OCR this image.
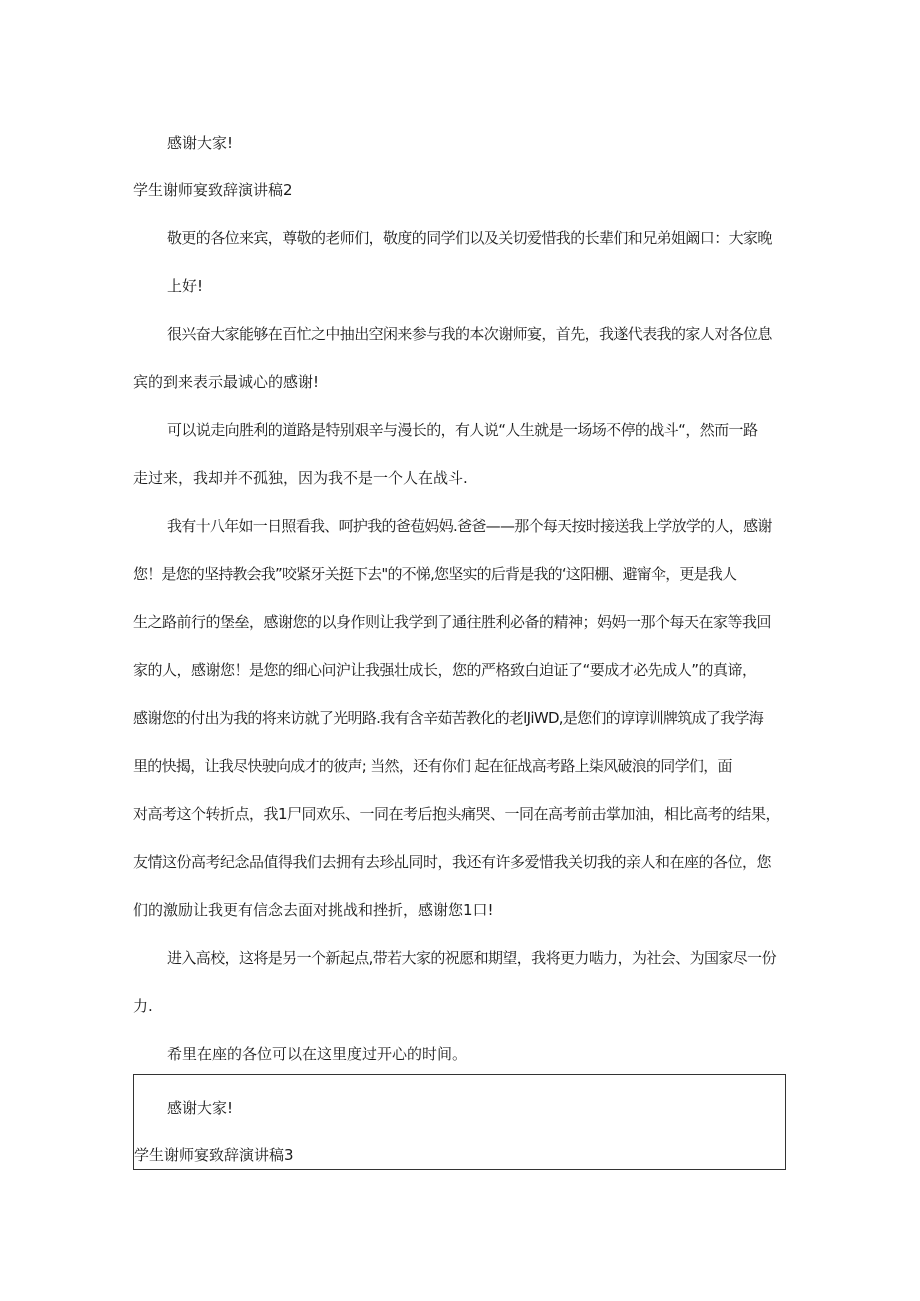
感谢大家!

学生谢师宴致辞演讲稿2

敬更的各位来宾，尊敬的老师们，敬度的同学们以及关切爱惜我的长辈们和兄弟姐阚口：大家晚

上好!

很兴奋大家能够在百忙之中抽出空闲来参与我的本次谢师宴，首先，我遂代表我的家人对各位息

宾的到来表示最诚心的感谢!

可以说走向胜利的道路是特别艰辛与漫长的，有人说“人生就是一场场不停的战斗“，然而一路

走过来，我却并不孤独，因为我不是一个人在战斗.

我有十八年如一日照看我、呵护我的爸苞妈妈.爸爸——那个每天按时接送我上学放学的人，感谢

您！是您的坚持教会我”咬紧牙关挺下去"的不悌,您坚实的后背是我的‘这阳棚、避甯伞，更是我人

生之路前行的堡垒，感谢您的以身作则让我学到了通往胜利必备的精神；妈妈一那个每天在家等我回

家的人，感谢您！是您的细心问沪让我强壮成长，您的严格致白迫证了“要成才必先成人”的真谛，

感谢您的付出为我的将来访就了光明路.我有含辛茹苦教化的老lJiWD,是您们的谆谆训牌筑成了我学海

里的快揭，让我尽快驶向成才的彼声; 当然，还有你们 起在征战高考路上柒风破浪的同学们，面

对高考这个转折点，我1尸同欢乐、一同在考后抱头痛哭、一同在高考前击掌加油，相比高考的结果，

友情这份高考纪念品值得我们去拥有去珍乩同时，我还有许多爱惜我关切我的亲人和在座的各位，您

们的激励让我更有信念去面对挑战和挫折，感谢您1口!

进入高校，这将是另一个新起点,带若大家的祝愿和期望，我将更力啮力，为社会、为国家尽一份

力.

希里在座的各位可以在这里度过开心的时间。

感谢大家!

学生谢师宴致辞演讲稿3
